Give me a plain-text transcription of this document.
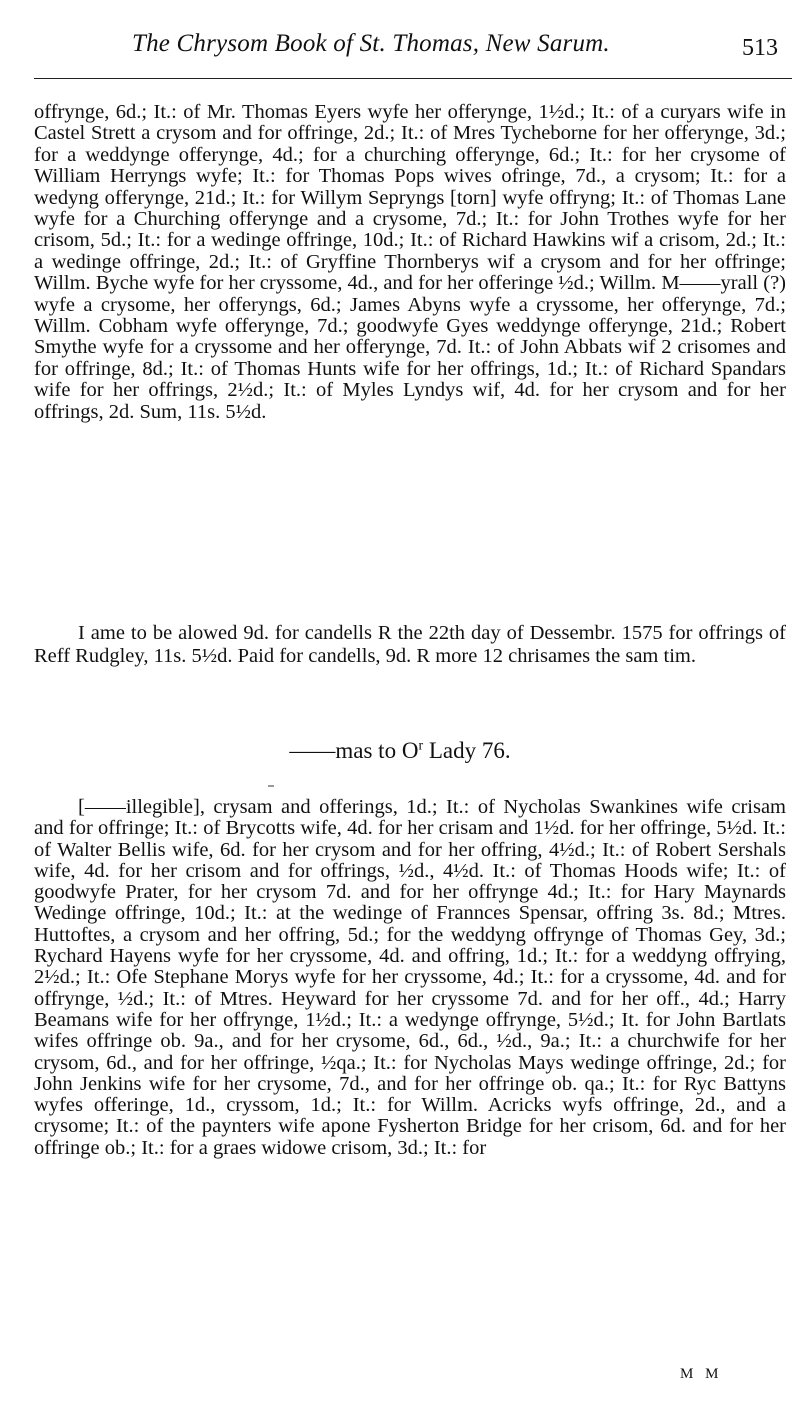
The Chrysom Book of St. Thomas, New Sarum.	513
offrynge, 6d.; It.: of Mr. Thomas Eyers wyfe her offerynge, 1½d.; It.: of a curyars wife in Castel Strett a crysom and for offringe, 2d.; It.: of Mres Tycheborne for her offerynge, 3d.; for a weddynge offerynge, 4d.; for a churching offerynge, 6d.; It.: for her crysome of William Herryngs wyfe; It.: for Thomas Pops wives ofringe, 7d., a crysom; It.: for a wedyng offerynge, 21d.; It.: for Willym Sepryngs [torn] wyfe offryng; It.: of Thomas Lane wyfe for a Churching offerynge and a crysome, 7d.; It.: for John Trothes wyfe for her crisom, 5d.; It.: for a wedinge offringe, 10d.; It.: of Richard Hawkins wif a crisom, 2d.; It.: a wedinge offringe, 2d.; It.: of Gryffine Thornberys wif a crysom and for her offringe; Willm. Byche wyfe for her cryssome, 4d., and for her offeringe ½d.; Willm. M——yrall (?) wyfe a crysome, her offeryngs, 6d.; James Abyns wyfe a cryssome, her offerynge, 7d.; Willm. Cobham wyfe offerynge, 7d.; goodwyfe Gyes weddynge offerynge, 21d.; Robert Smythe wyfe for a cryssome and her offerynge, 7d. It.: of John Abbats wif 2 crisomes and for offringe, 8d.; It.: of Thomas Hunts wife for her offrings, 1d.; It.: of Richard Spandars wife for her offrings, 2½d.; It.: of Myles Lyndys wif, 4d. for her crysom and for her offrings, 2d. Sum, 11s. 5½d.
I ame to be alowed 9d. for candells R the 22th day of Dessembr. 1575 for offrings of Reff Rudgley, 11s. 5½d. Paid for candells, 9d. R more 12 chrisames the sam tim.
——mas to $O^r$ Lady 76.
[——illegible], crysam and offerings, 1d.; It.: of Nycholas Swankines wife crisam and for offringe; It.: of Brycotts wife, 4d. for her crisam and 1½d. for her offringe, 5½d. It.: of Walter Bellis wife, 6d. for her crysom and for her offring, 4½d.; It.: of Robert Sershals wife, 4d. for her crisom and for offrings, ½d., 4½d. It.: of Thomas Hoods wife; It.: of goodwyfe Prater, for her crysom 7d. and for her offrynge 4d.; It.: for Hary Maynards Wedinge offringe, 10d.; It.: at the wedinge of Frannces Spensar, offring 3s. 8d.; Mtres. Huttoftes, a crysom and her offring, 5d.; for the weddyng offrynge of Thomas Gey, 3d.; Rychard Hayens wyfe for her cryssome, 4d. and offring, 1d.; It.: for a weddyng offrying, 2½d.; It.: Ofe Stephane Morys wyfe for her cryssome, 4d.; It.: for a cryssome, 4d. and for offrynge, ½d.; It.: of Mtres. Heyward for her cryssome 7d. and for her off., 4d.; Harry Beamans wife for her offrynge, 1½d.; It.: a wedynge offrynge, 5½d.; It. for John Bartlats wifes offringe ob. 9a., and for her crysome, 6d., 6d., ½d., 9a.; It.: a churchwife for her crysom, 6d., and for her offringe, ½qa.; It.: for Nycholas Mays wedinge offringe, 2d.; for John Jenkins wife for her crysome, 7d., and for her offringe ob. qa.; It.: for Ryc Battyns wyfes offeringe, 1d., cryssom, 1d.; It.: for Willm. Acricks wyfs offringe, 2d., and a crysome; It.: of the paynters wife apone Fysherton Bridge for her crisom, 6d. and for her offringe ob.; It.: for a graes widowe crisom, 3d.; It.: for
M M
